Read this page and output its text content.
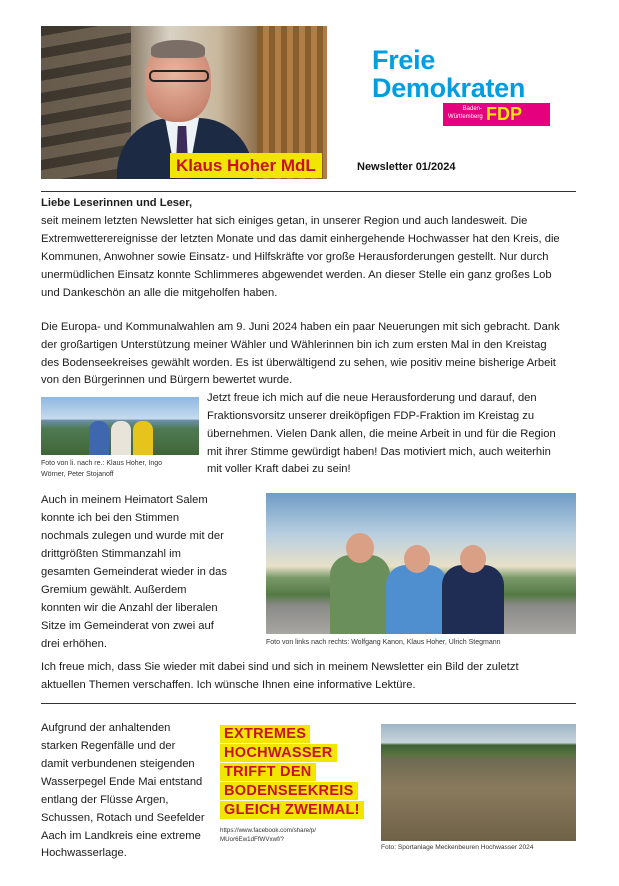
Klaus Hoher MdL
Freie
Demokraten
Baden-
Württemberg FDP
Newsletter 01/2024
Liebe Leserinnen und Leser,
seit meinem letzten Newsletter hat sich einiges getan, in unserer Region und auch landesweit. Die
Extremwetterereignisse der letzten Monate und das damit einhergehende Hochwasser hat den Kreis, die
Kommunen, Anwohner sowie Einsatz- und Hilfskräfte vor große Herausforderungen gestellt. Nur durch
unermüdlichen Einsatz konnte Schlimmeres abgewendet werden. An dieser Stelle ein ganz großes Lob
und Dankeschön an alle die mitgeholfen haben.
Die Europa- und Kommunalwahlen am 9. Juni 2024 haben ein paar Neuerungen mit sich gebracht. Dank
der großartigen Unterstützung meiner Wähler und Wählerinnen bin ich zum ersten Mal in den Kreistag
des Bodenseekreises gewählt worden. Es ist überwältigend zu sehen, wie positiv meine bisherige Arbeit
von den Bürgerinnen und Bürgern bewertet wurde.
Foto von li. nach re.: Klaus Hoher, Ingo
Wörner, Peter Stojanoff
Jetzt freue ich mich auf die neue Herausforderung und darauf, den
Fraktionsvorsitz unserer dreiköpfigen FDP-Fraktion im Kreistag zu
übernehmen. Vielen Dank allen, die meine Arbeit in und für die Region
mit ihrer Stimme gewürdigt haben! Das motiviert mich, auch weiterhin
mit voller Kraft dabei zu sein!
Auch in meinem Heimatort Salem
konnte ich bei den Stimmen
nochmals zulegen und wurde mit der
drittgrößten Stimmanzahl im
gesamten Gemeinderat wieder in das
Gremium gewählt. Außerdem
konnten wir die Anzahl der liberalen
Sitze im Gemeinderat von zwei auf
drei erhöhen.	Foto von links nach rechts: Wolfgang Kanon, Klaus Hoher, Ulrich Stegmann
Ich freue mich, dass Sie wieder mit dabei sind und sich in meinem Newsletter ein Bild der zuletzt
aktuellen Themen verschaffen. Ich wünsche Ihnen eine informative Lektüre.
Aufgrund der anhaltenden
starken Regenfälle und der
damit verbundenen steigenden
Wasserpegel Ende Mai entstand
entlang der Flüsse Argen,
Schussen, Rotach und Seefelder
Aach im Landkreis eine extreme
Hochwasserlage.
EXTREMES
HOCHWASSER
TRIFFT DEN
BODENSEEKREIS
GLEICH ZWEIMAL!
https://www.facebook.com/share/p/
MUor6Ew1dFfWVxwf/?
Foto: Sportanlage Meckenbeuren Hochwasser 2024
